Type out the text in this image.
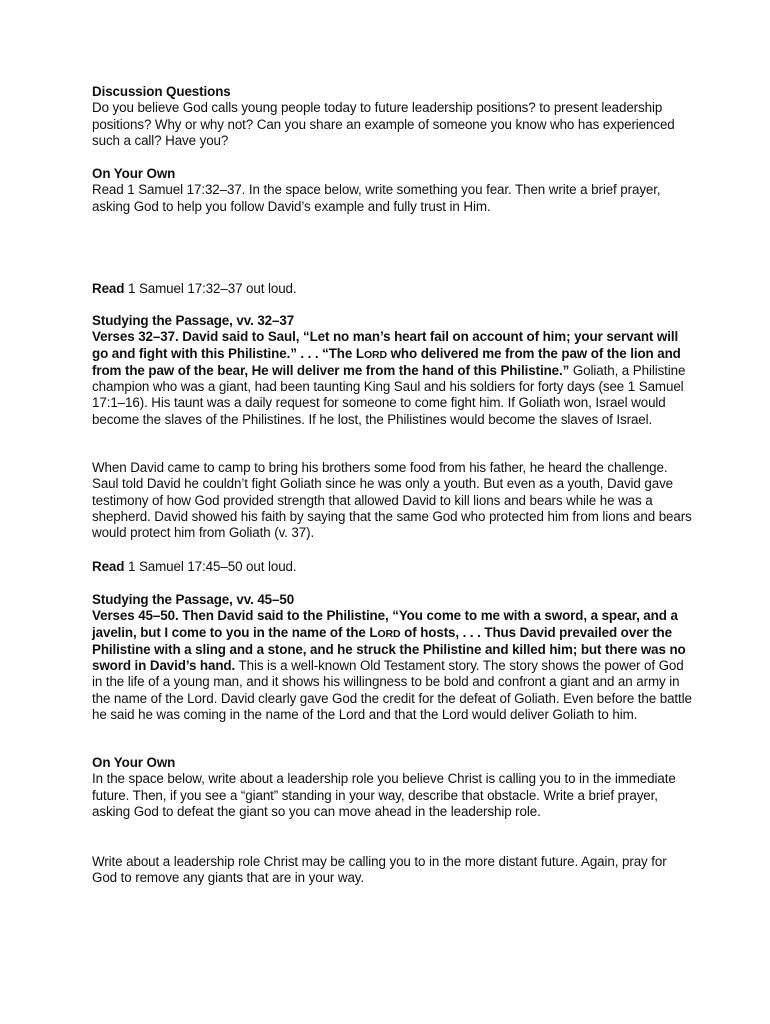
Discussion Questions

Do you believe God calls young people today to future leadership positions? to present leadership positions? Why or why not? Can you share an example of someone you know who has experienced such a call? Have you?

On Your Own

Read 1 Samuel 17:32–37. In the space below, write something you fear. Then write a brief prayer, asking God to help you follow David’s example and fully trust in Him.

Read 1 Samuel 17:32–37 out loud.

Studying the Passage, vv. 32–37

Verses 32–37. David said to Saul, “Let no man’s heart fail on account of him; your servant will go and fight with this Philistine.” . . . “The LORD who delivered me from the paw of the lion and from the paw of the bear, He will deliver me from the hand of this Philistine.” Goliath, a Philistine champion who was a giant, had been taunting King Saul and his soldiers for forty days (see 1 Samuel 17:1–16). His taunt was a daily request for someone to come fight him. If Goliath won, Israel would become the slaves of the Philistines. If he lost, the Philistines would become the slaves of Israel.

When David came to camp to bring his brothers some food from his father, he heard the challenge. Saul told David he couldn’t fight Goliath since he was only a youth. But even as a youth, David gave testimony of how God provided strength that allowed David to kill lions and bears while he was a shepherd. David showed his faith by saying that the same God who protected him from lions and bears would protect him from Goliath (v. 37).

Read 1 Samuel 17:45–50 out loud.

Studying the Passage, vv. 45–50

Verses 45–50. Then David said to the Philistine, “You come to me with a sword, a spear, and a javelin, but I come to you in the name of the LORD of hosts, . . . Thus David prevailed over the Philistine with a sling and a stone, and he struck the Philistine and killed him; but there was no sword in David’s hand. This is a well-known Old Testament story. The story shows the power of God in the life of a young man, and it shows his willingness to be bold and confront a giant and an army in the name of the Lord. David clearly gave God the credit for the defeat of Goliath. Even before the battle he said he was coming in the name of the Lord and that the Lord would deliver Goliath to him.

On Your Own

In the space below, write about a leadership role you believe Christ is calling you to in the immediate future. Then, if you see a “giant” standing in your way, describe that obstacle. Write a brief prayer, asking God to defeat the giant so you can move ahead in the leadership role.

Write about a leadership role Christ may be calling you to in the more distant future. Again, pray for God to remove any giants that are in your way.
